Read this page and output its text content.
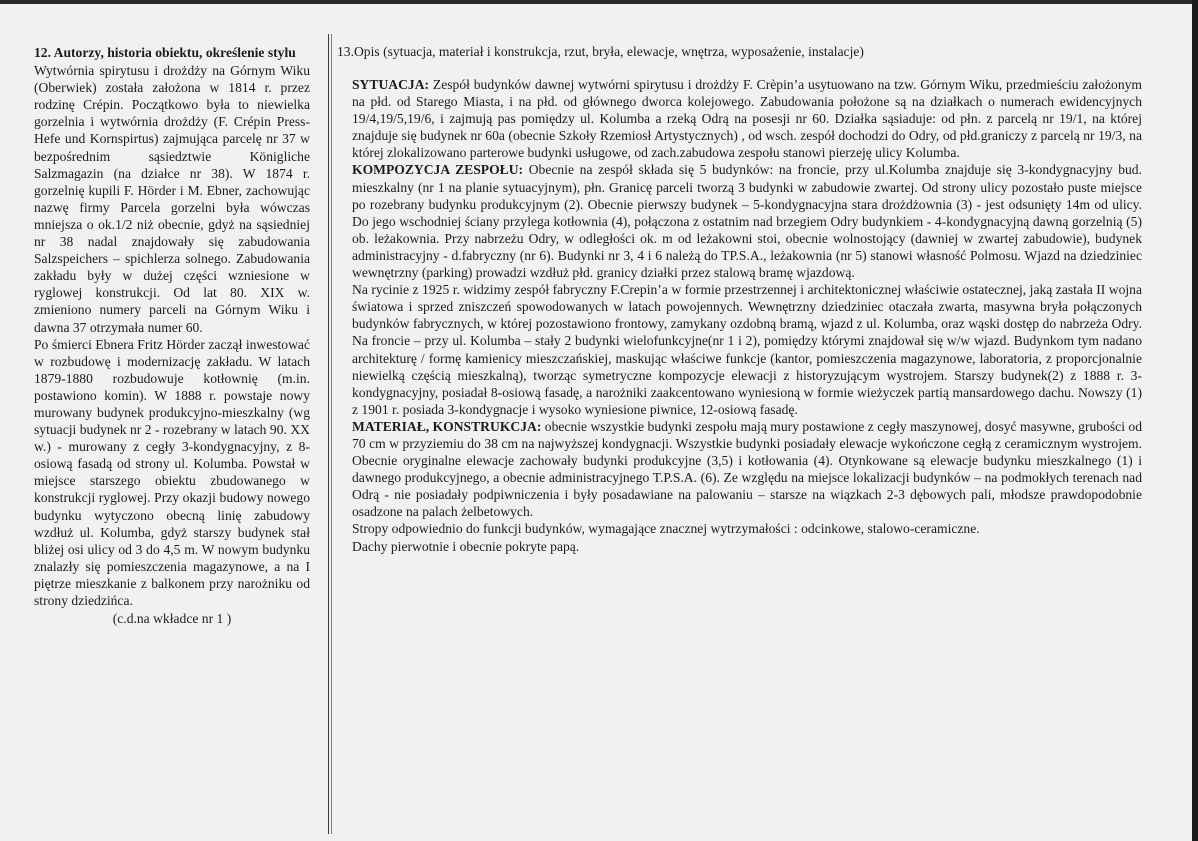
12. Autorzy, historia obiektu, określenie stylu

Wytwórnia spirytusu i drożdży na Górnym Wiku (Oberwiek) została założona w 1814 r. przez rodzinę Crépin. Początkowo była to niewielka gorzelnia i wytwórnia drożdży (F. Crépin Press-Hefe und Kornspirtus) zajmująca parcelę nr 37 w bezpośrednim sąsiedztwie Königliche Salzmagazin (na działce nr 38). W 1874 r. gorzelnię kupili F. Hörder i M. Ebner, zachowując nazwę firmy Parcela gorzelni była wówczas mniejsza o ok.1/2 niż obecnie, gdyż na sąsiedniej nr 38 nadal znajdowały się zabudowania Salzspeichers – spichlerza solnego. Zabudowania zakładu były w dużej części wzniesione w ryglowej konstrukcji. Od lat 80. XIX w. zmieniono numery parceli na Górnym Wiku i dawna 37 otrzymała numer 60.

Po śmierci Ebnera Fritz Hörder zaczął inwestować w rozbudowę i modernizację zakładu. W latach 1879-1880 rozbudowuje kotłownię (m.in. postawiono komin). W 1888 r. powstaje nowy murowany budynek produkcyjno-mieszkalny (wg sytuacji budynek nr 2 - rozebrany w latach 90. XX w.) - murowany z cegły 3-kondygnacyjny, z 8-osiową fasadą od strony ul. Kolumba. Powstał w miejsce starszego obiektu zbudowanego w konstrukcji ryglowej. Przy okazji budowy nowego budynku wytyczono obecną linię zabudowy wzdłuż ul. Kolumba, gdyż starszy budynek stał bliżej osi ulicy od 3 do 4,5 m. W nowym budynku znalazły się pomieszczenia magazynowe, a na I piętrze mieszkanie z balkonem przy narożniku od strony dziedzińca.

(c.d.na wkładce nr 1 )

13.Opis (sytuacja, materiał i konstrukcja, rzut, bryła, elewacje, wnętrza, wyposażenie, instalacje)

SYTUACJA: Zespół budynków dawnej wytwórni spirytusu i drożdży F. Crèpin’a usytuowano na tzw. Górnym Wiku, przedmieściu założonym na płd. od Starego Miasta, i na płd. od głównego dworca kolejowego. Zabudowania położone są na działkach o numerach ewidencyjnych 19/4,19/5,19/6, i zajmują pas pomiędzy ul. Kolumba a rzeką Odrą na posesji nr 60. Działka sąsiaduje: od płn. z parcelą nr 19/1, na której znajduje się budynek nr 60a (obecnie Szkoły Rzemiosł Artystycznych) , od wsch. zespół dochodzi do Odry, od płd.graniczy z parcelą nr 19/3, na której zlokalizowano parterowe budynki usługowe, od zach.zabudowa zespołu stanowi pierzeję ulicy Kolumba.

KOMPOZYCJA ZESPOŁU: Obecnie na zespół składa się 5 budynków: na froncie, przy ul.Kolumba znajduje się 3-kondygnacyjny bud. mieszkalny (nr 1 na planie sytuacyjnym), płn. Granicę parceli tworzą 3 budynki w zabudowie zwartej. Od strony ulicy pozostało puste miejsce po rozebrany budynku produkcyjnym (2). Obecnie pierwszy budynek – 5-kondygnacyjna stara drożdżownia (3) - jest odsunięty 14m od ulicy. Do jego wschodniej ściany przylega kotłownia (4), połączona z ostatnim nad brzegiem Odry budynkiem - 4-kondygnacyjną dawną gorzelnią (5) ob. leżakownia. Przy nabrzeżu Odry, w odległości ok. m od leżakowni stoi, obecnie wolnostojący (dawniej w zwartej zabudowie), budynek administracyjny - d.fabryczny (nr 6). Budynki nr 3, 4 i 6 należą do TP.S.A., leżakownia (nr 5) stanowi własność Polmosu. Wjazd na dziedziniec wewnętrzny (parking) prowadzi wzdłuż płd. granicy działki przez stalową bramę wjazdową.

Na rycinie z 1925 r. widzimy zespół fabryczny F.Crepin’a w formie przestrzennej i architektonicznej właściwie ostatecznej, jaką zastała II wojna światowa i sprzed zniszczeń spowodowanych w latach powojennych. Wewnętrzny dziedziniec otaczała zwarta, masywna bryła połączonych budynków fabrycznych, w której pozostawiono frontowy, zamykany ozdobną bramą, wjazd z ul. Kolumba, oraz wąski dostęp do nabrzeża Odry. Na froncie – przy ul. Kolumba – stały 2 budynki wielofunkcyjne(nr 1 i 2), pomiędzy którymi znajdował się w/w wjazd. Budynkom tym nadano architekturę / formę kamienicy mieszczańskiej, maskując właściwe funkcje (kantor, pomieszczenia magazynowe, laboratoria, z proporcjonalnie niewielką częścią mieszkalną), tworząc symetryczne kompozycje elewacji z historyzującym wystrojem. Starszy budynek(2) z 1888 r. 3-kondygnacyjny, posiadał 8-osiową fasadę, a narożniki zaakcentowano wyniesioną w formie wieżyczek partią mansardowego dachu. Nowszy (1) z 1901 r. posiada 3-kondygnacje i wysoko wyniesione piwnice, 12-osiową fasadę.

MATERIAŁ, KONSTRUKCJA: obecnie wszystkie budynki zespołu mają mury postawione z cegły maszynowej, dosyć masywne, grubości od 70 cm w przyziemiu do 38 cm na najwyższej kondygnacji. Wszystkie budynki posiadały elewacje wykończone cegłą z ceramicznym wystrojem. Obecnie oryginalne elewacje zachowały budynki produkcyjne (3,5) i kotłowania (4). Otynkowane są elewacje budynku mieszkalnego (1) i dawnego produkcyjnego, a obecnie administracyjnego T.P.S.A. (6). Ze względu na miejsce lokalizacji budynków – na podmokłych terenach nad Odrą - nie posiadały podpiwniczenia i były posadawiane na palowaniu – starsze na wiązkach 2-3 dębowych pali, młodsze prawdopodobnie osadzone na palach żelbetowych.

Stropy odpowiednio do funkcji budynków, wymagające znacznej wytrzymałości : odcinkowe, stalowo-ceramiczne.

Dachy pierwotnie i obecnie pokryte papą.
